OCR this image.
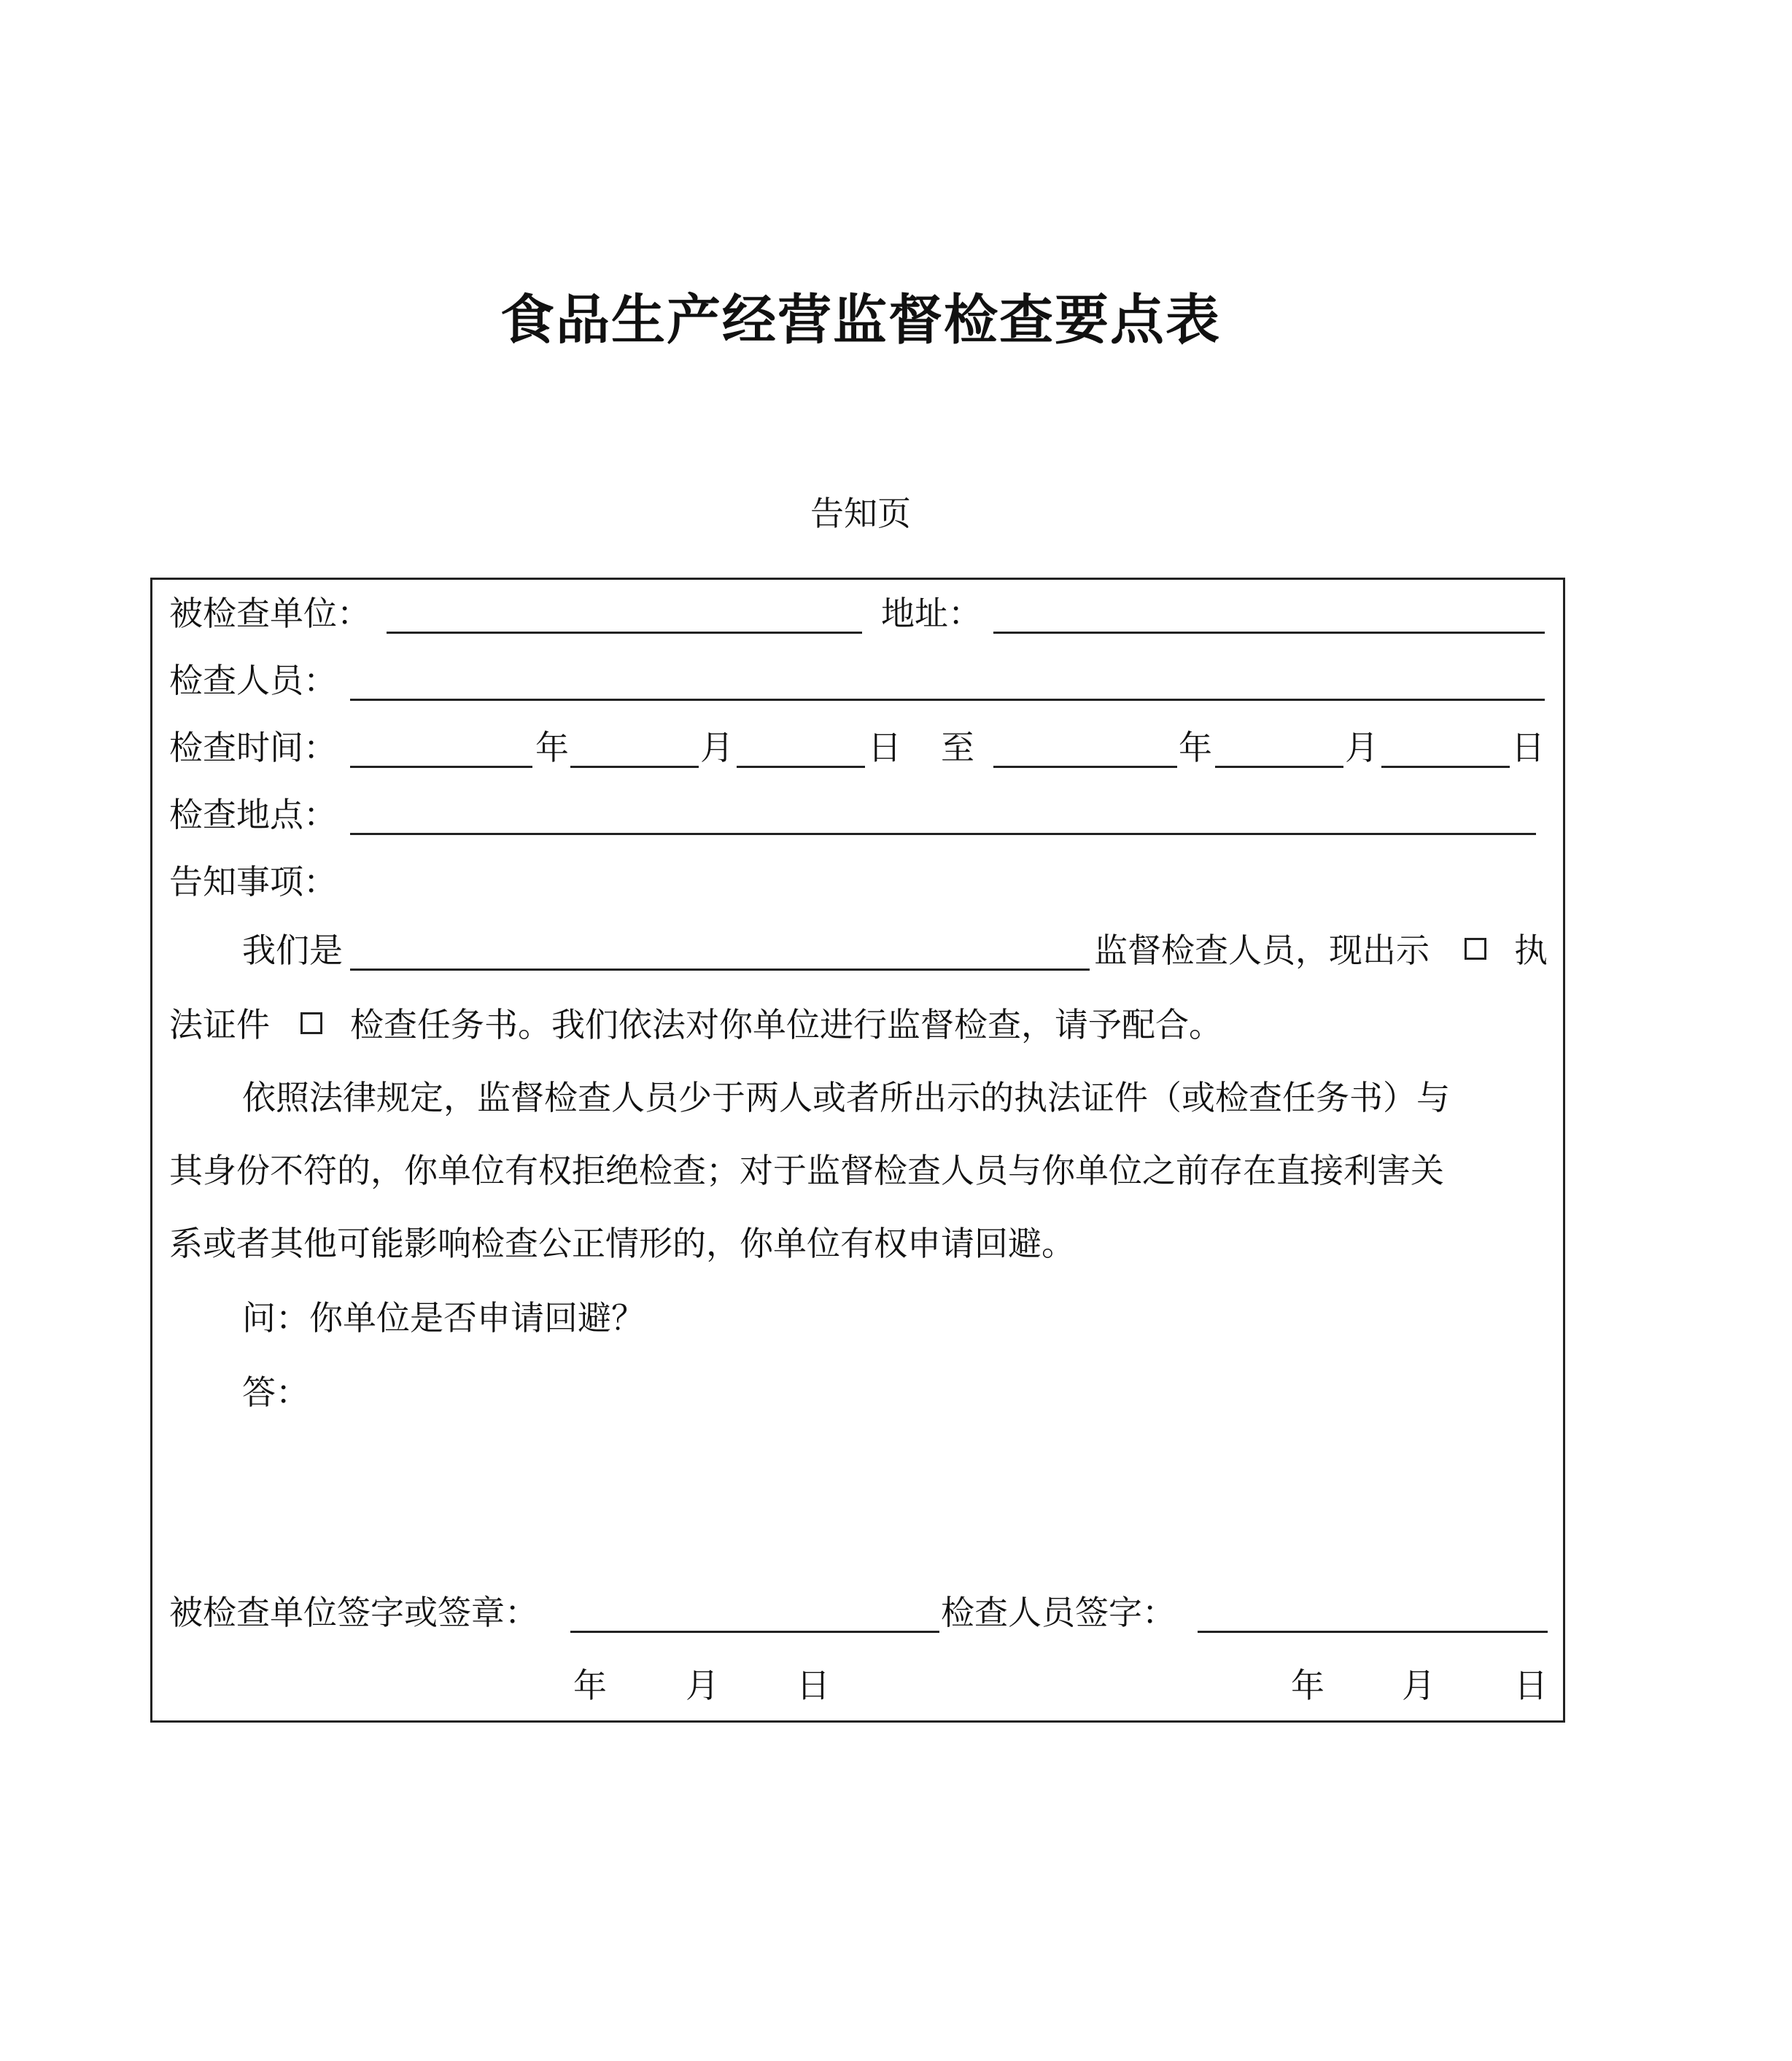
食品生产经营监督检查要点表
告知页
被检查单位：	地址：
检查人员：
检查时间：	年	月	日 至	年	月	日
检查地点：
告知事项：
我们是	监督检查人员，现出示	执
法证件 检查任务书。我们依法对你单位进行监督检查，请予配合。
依照法律规定，监督检查人员少于两人或者所出示的执法证件（或检查任务书）与
其身份不符的，你单位有权拒绝检查；对于监督检查人员与你单位之前存在直接利害关
系或者其他可能影响检查公正情形的，你单位有权申请回避。
问：你单位是否申请回避？
答：
被检查单位签字或签章：	检查人员签字：
年 月 日	年 月 日
